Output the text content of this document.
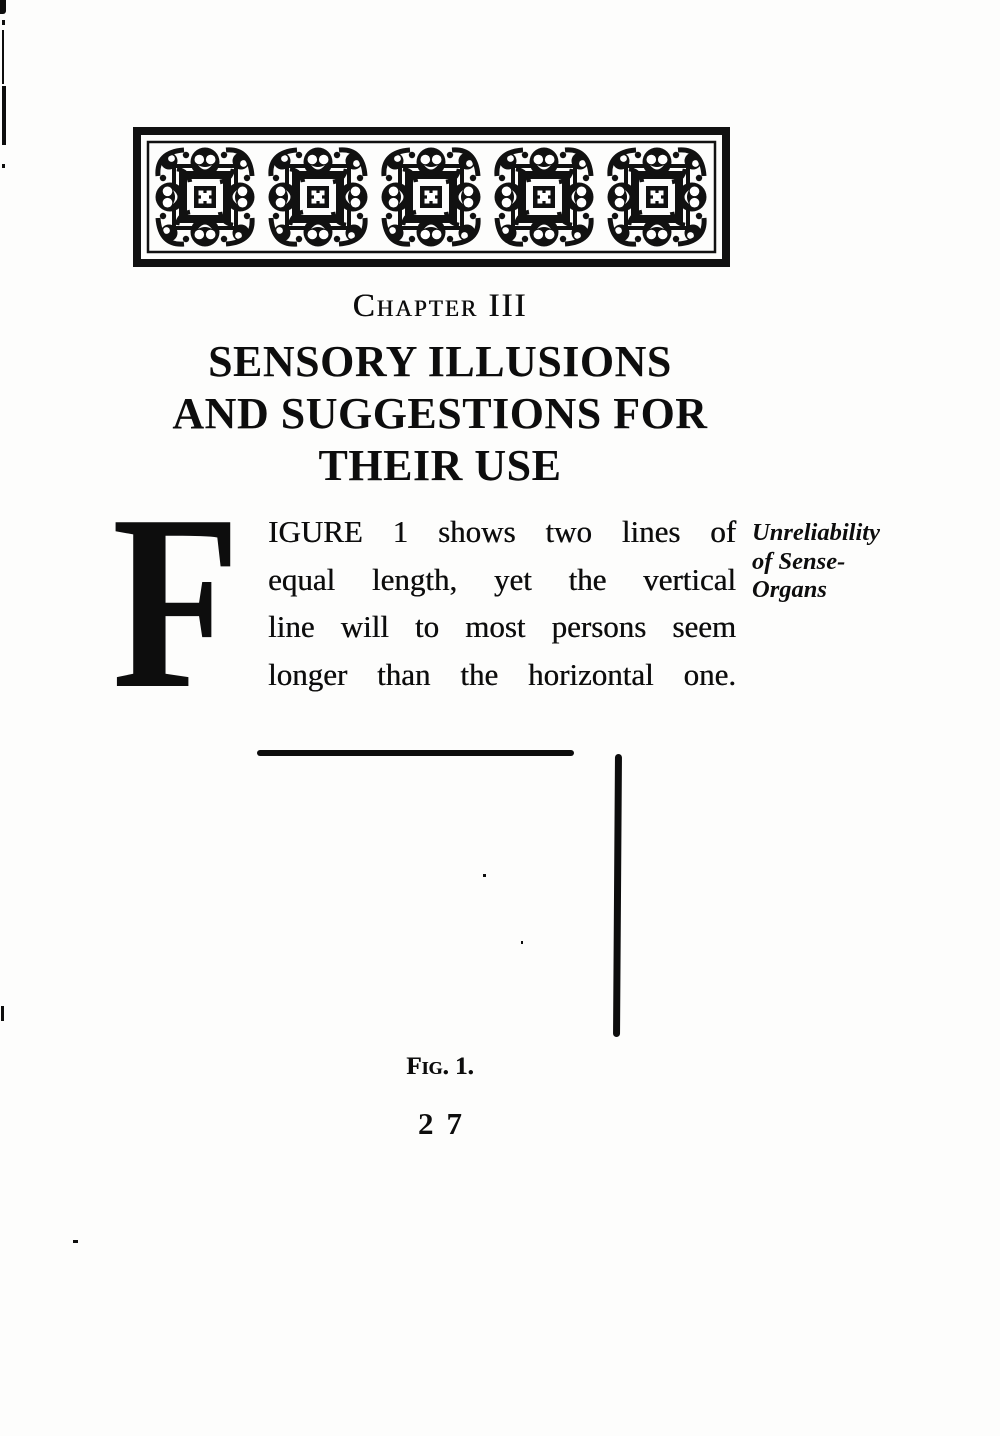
Chapter III
SENSORY ILLUSIONS
AND SUGGESTIONS FOR
THEIR USE
F IGURE 1 shows two lines of
equal length, yet the vertical
line will to most persons seem
longer than the horizontal one.
Unreliability
of Sense-
Organs
Fig. 1.
27
